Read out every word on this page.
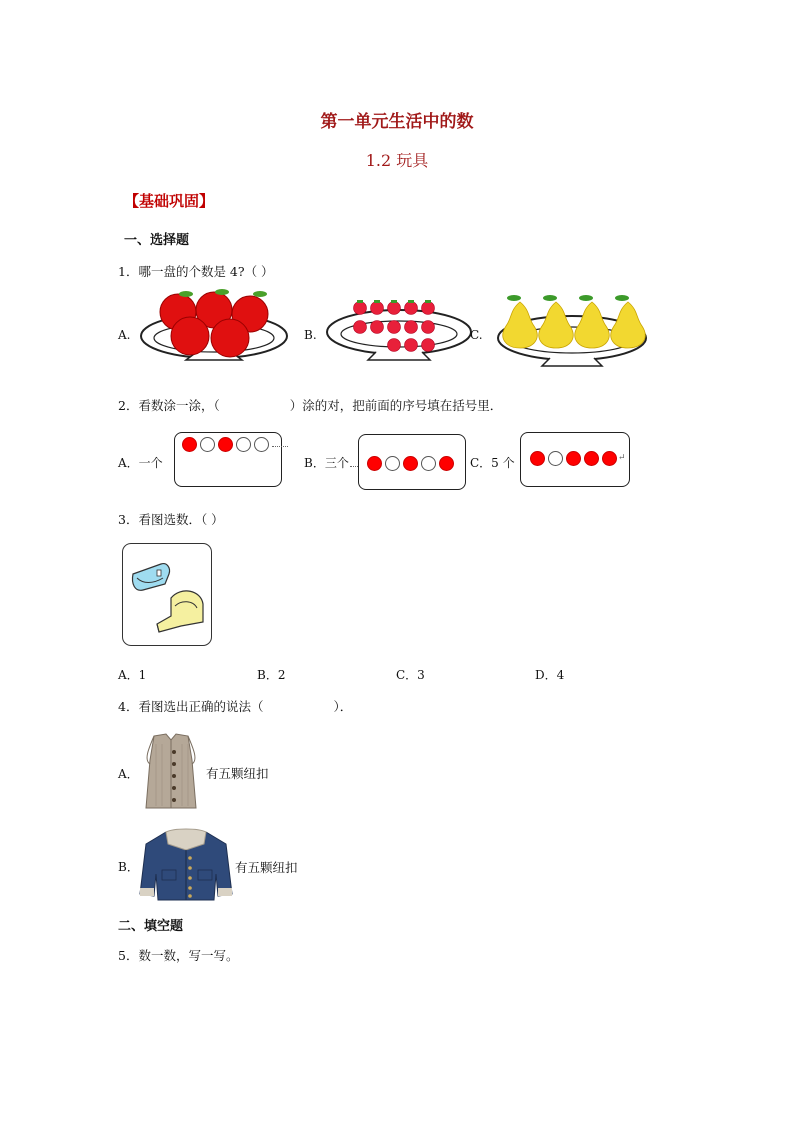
第一单元生活中的数
1.2 玩具
【基础巩固】
一、选择题
1．哪一盘的个数是 4?（ ）
A.	B.	C.
2．看数涂一涂，（	）涂的对，把前面的序号填在括号里．
A．一个	B．三个	C．5 个	↵
3．看图选数．（ ）
A．1	B．2	C．3	D．4
4．看图选出正确的说法（	）．
A．	有五颗纽扣
B．	有五颗纽扣
二、填空题
5．数一数，写一写。
